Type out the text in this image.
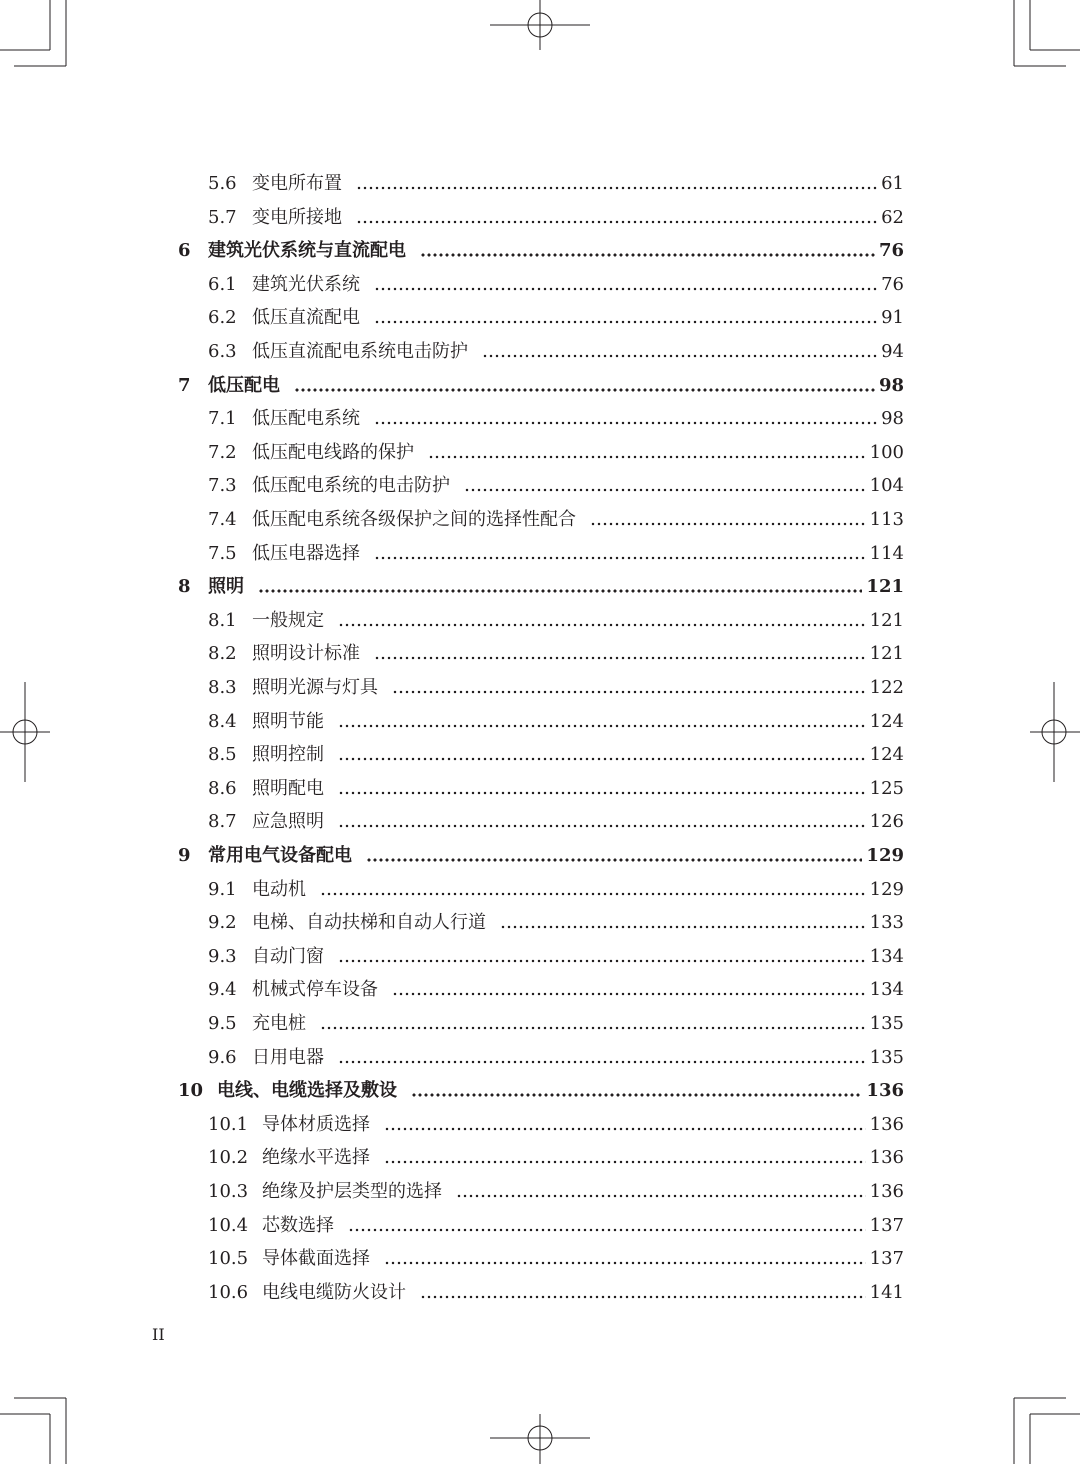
5.6 变电所布置	61
5.7 变电所接地	62
6 建筑光伏系统与直流配电	76
6.1 建筑光伏系统	76
6.2 低压直流配电	91
6.3 低压直流配电系统电击防护	94
7 低压配电	98
7.1 低压配电系统	98
7.2 低压配电线路的保护	100
7.3 低压配电系统的电击防护	104
7.4 低压配电系统各级保护之间的选择性配合	113
7.5 低压电器选择	114
8 照明	121
8.1 一般规定	121
8.2 照明设计标准	121
8.3 照明光源与灯具	122
8.4 照明节能	124
8.5 照明控制	124
8.6 照明配电	125
8.7 应急照明	126
9 常用电气设备配电	129
9.1 电动机	129
9.2 电梯、自动扶梯和自动人行道	133
9.3 自动门窗	134
9.4 机械式停车设备	134
9.5 充电桩	135
9.6 日用电器	135
10 电线、电缆选择及敷设	136
10.1 导体材质选择	136
10.2 绝缘水平选择	136
10.3 绝缘及护层类型的选择	136
10.4 芯数选择	137
10.5 导体截面选择	137
10.6 电线电缆防火设计	141
II
